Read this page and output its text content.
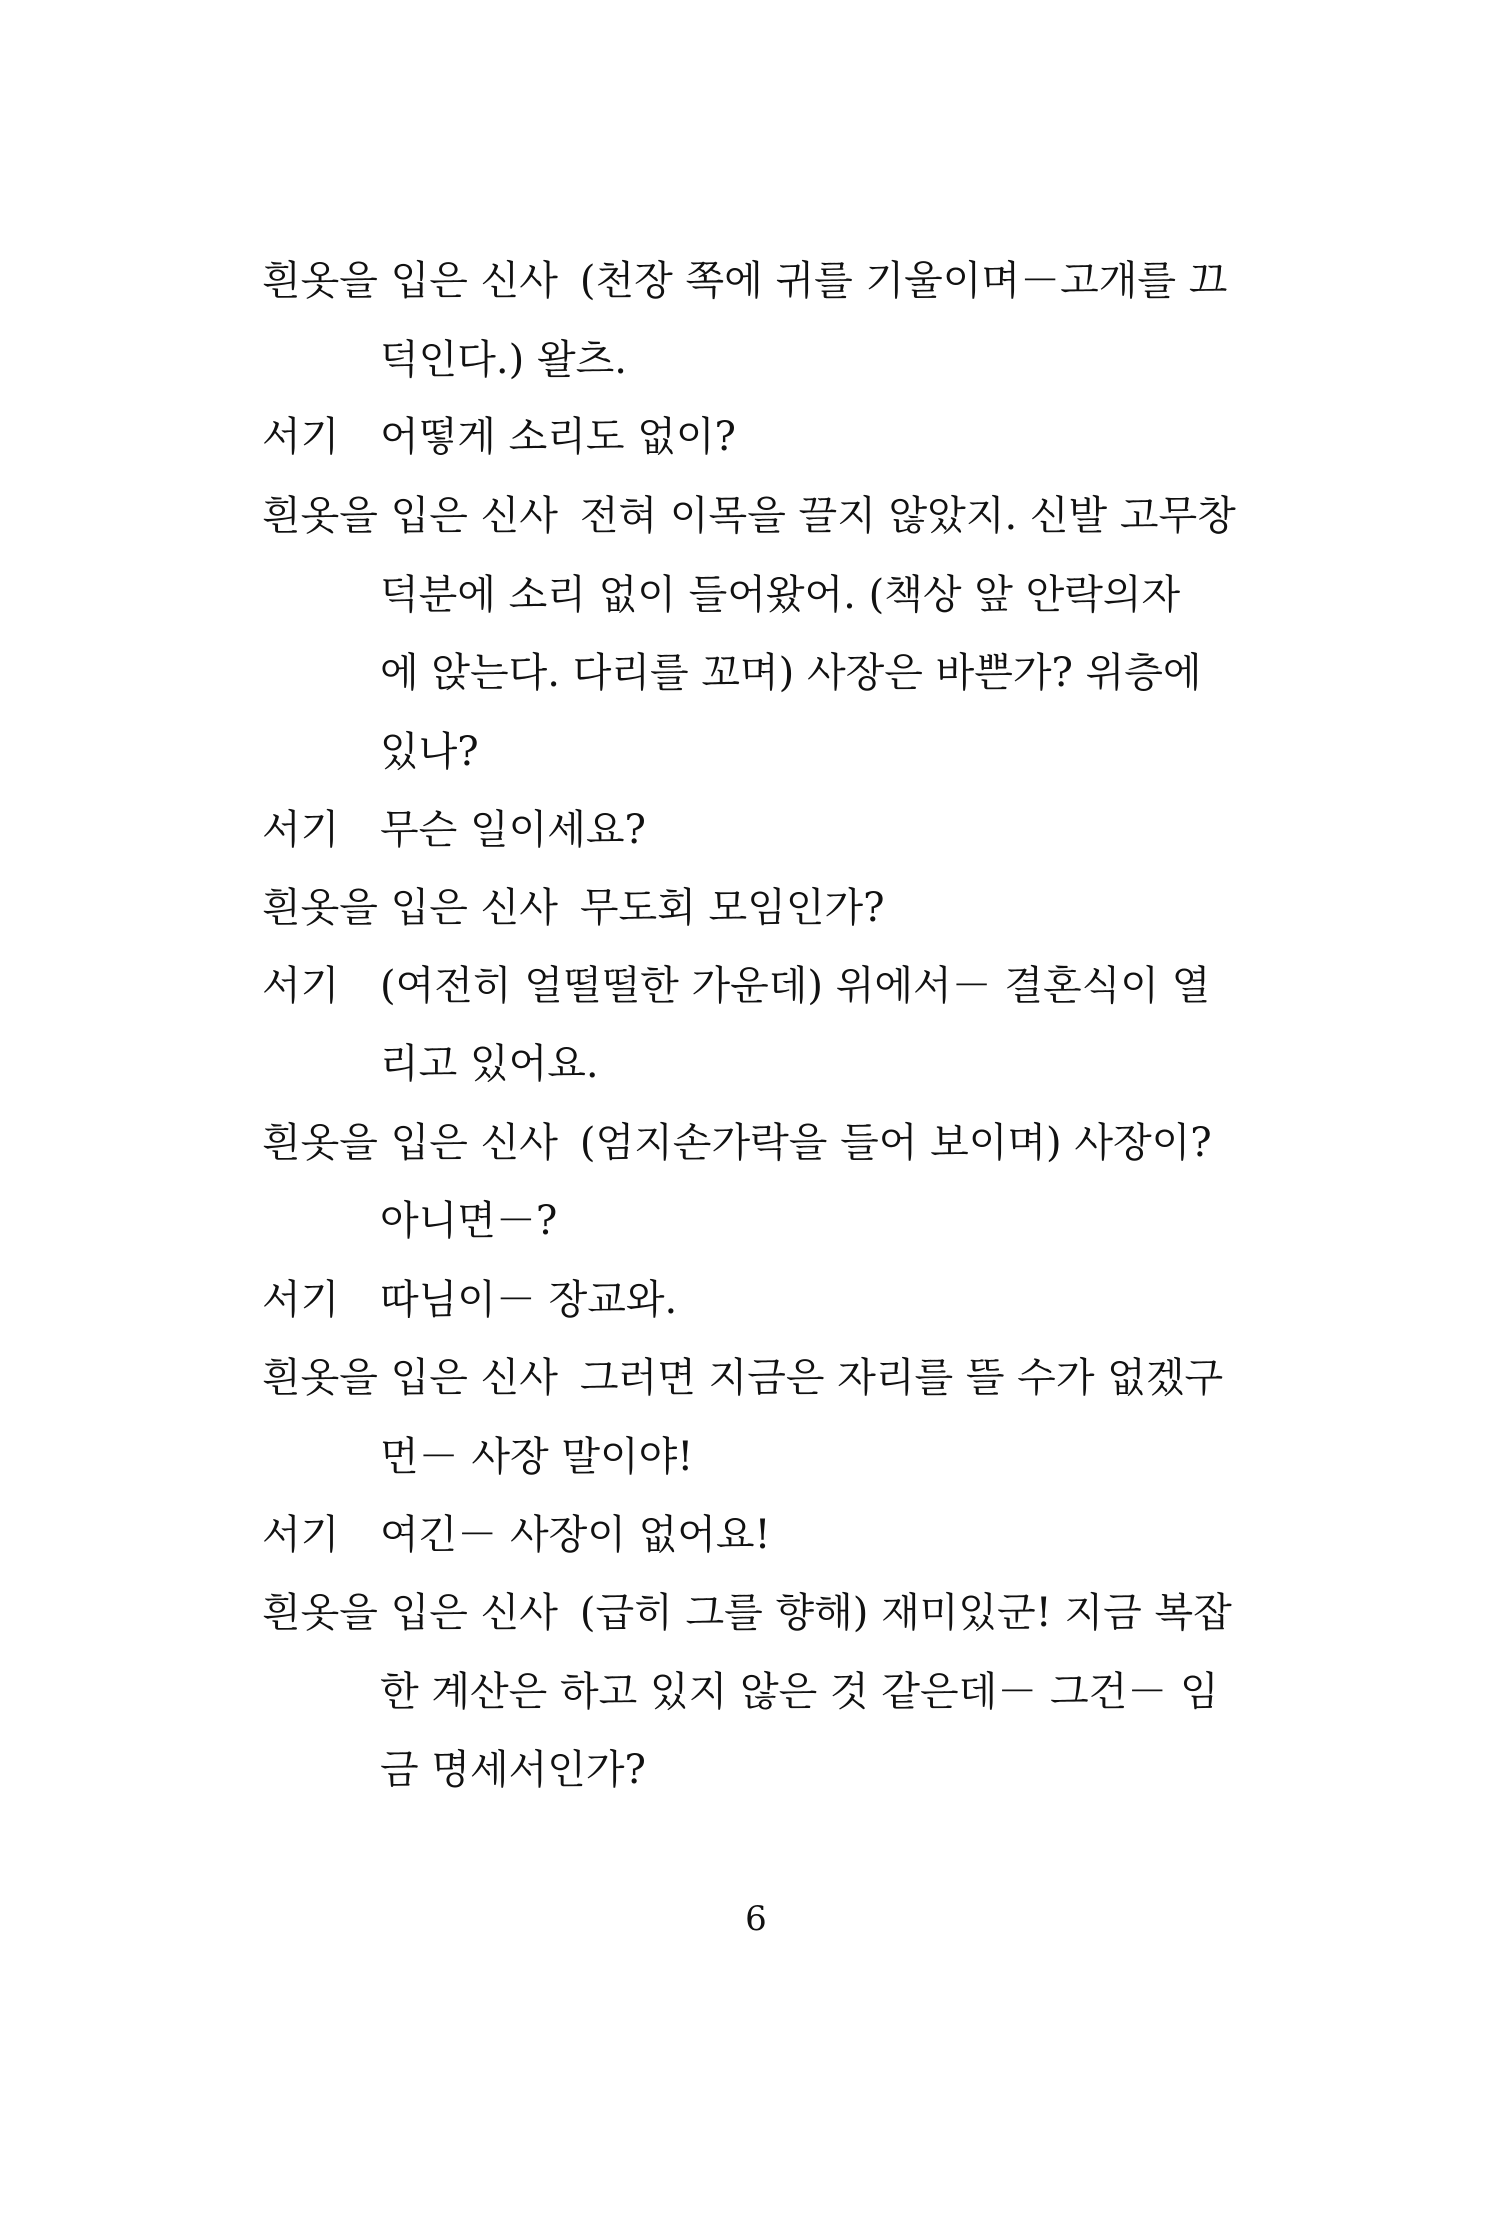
흰옷을 입은 신사 (천장 쪽에 귀를 기울이며－고개를 끄
덕인다.) 왈츠.
서기 어떻게 소리도 없이?
흰옷을 입은 신사 전혀 이목을 끌지 않았지. 신발 고무창
덕분에 소리 없이 들어왔어. (책상 앞 안락의자
에 앉는다. 다리를 꼬며) 사장은 바쁜가? 위층에
있나?
서기 무슨 일이세요?
흰옷을 입은 신사 무도회 모임인가?
서기 (여전히 얼떨떨한 가운데) 위에서－ 결혼식이 열
리고 있어요.
흰옷을 입은 신사 (엄지손가락을 들어 보이며) 사장이?
아니면－?
서기 따님이－ 장교와.
흰옷을 입은 신사 그러면 지금은 자리를 뜰 수가 없겠구
먼－ 사장 말이야!
서기 여긴－ 사장이 없어요!
흰옷을 입은 신사 (급히 그를 향해) 재미있군! 지금 복잡
한 계산은 하고 있지 않은 것 같은데－ 그건－ 임
금 명세서인가?
6
